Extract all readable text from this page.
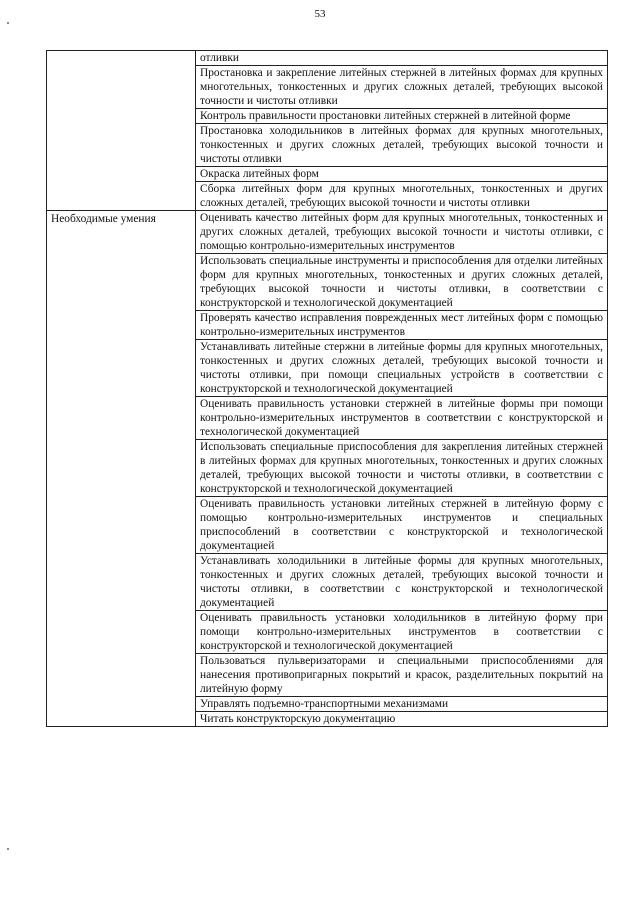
53
	отливки
	Простановка и закрепление литейных стержней в литейных формах для крупных многотельных, тонкостенных и других сложных деталей, требующих высокой точности и чистоты отливки
	Контроль правильности простановки литейных стержней в литейной форме
	Простановка холодильников в литейных формах для крупных многотельных, тонкостенных и других сложных деталей, требующих высокой точности и чистоты отливки
	Окраска литейных форм
	Сборка литейных форм для крупных многотельных, тонкостенных и других сложных деталей, требующих высокой точности и чистоты отливки
Необходимые умения	Оценивать качество литейных форм для крупных многотельных, тонкостенных и других сложных деталей, требующих высокой точности и чистоты отливки, с помощью контрольно-измерительных инструментов
	Использовать специальные инструменты и приспособления для отделки литейных форм для крупных многотельных, тонкостенных и других сложных деталей, требующих высокой точности и чистоты отливки, в соответствии с конструкторской и технологической документацией
	Проверять качество исправления поврежденных мест литейных форм с помощью контрольно-измерительных инструментов
	Устанавливать литейные стержни в литейные формы для крупных многотельных, тонкостенных и других сложных деталей, требующих высокой точности и чистоты отливки, при помощи специальных устройств в соответствии с конструкторской и технологической документацией
	Оценивать правильность установки стержней в литейные формы при помощи контрольно-измерительных инструментов в соответствии с конструкторской и технологической документацией
	Использовать специальные приспособления для закрепления литейных стержней в литейных формах для крупных многотельных, тонкостенных и других сложных деталей, требующих высокой точности и чистоты отливки, в соответствии с конструкторской и технологической документацией
	Оценивать правильность установки литейных стержней в литейную форму с помощью контрольно-измерительных инструментов и специальных приспособлений в соответствии с конструкторской и технологической документацией
	Устанавливать холодильники в литейные формы для крупных многотельных, тонкостенных и других сложных деталей, требующих высокой точности и чистоты отливки, в соответствии с конструкторской и технологической документацией
	Оценивать правильность установки холодильников в литейную форму при помощи контрольно-измерительных инструментов в соответствии с конструкторской и технологической документацией
	Пользоваться пульверизаторами и специальными приспособлениями для нанесения противопригарных покрытий и красок, разделительных покрытий на литейную форму
	Управлять подъемно-транспортными механизмами
	Читать конструкторскую документацию
